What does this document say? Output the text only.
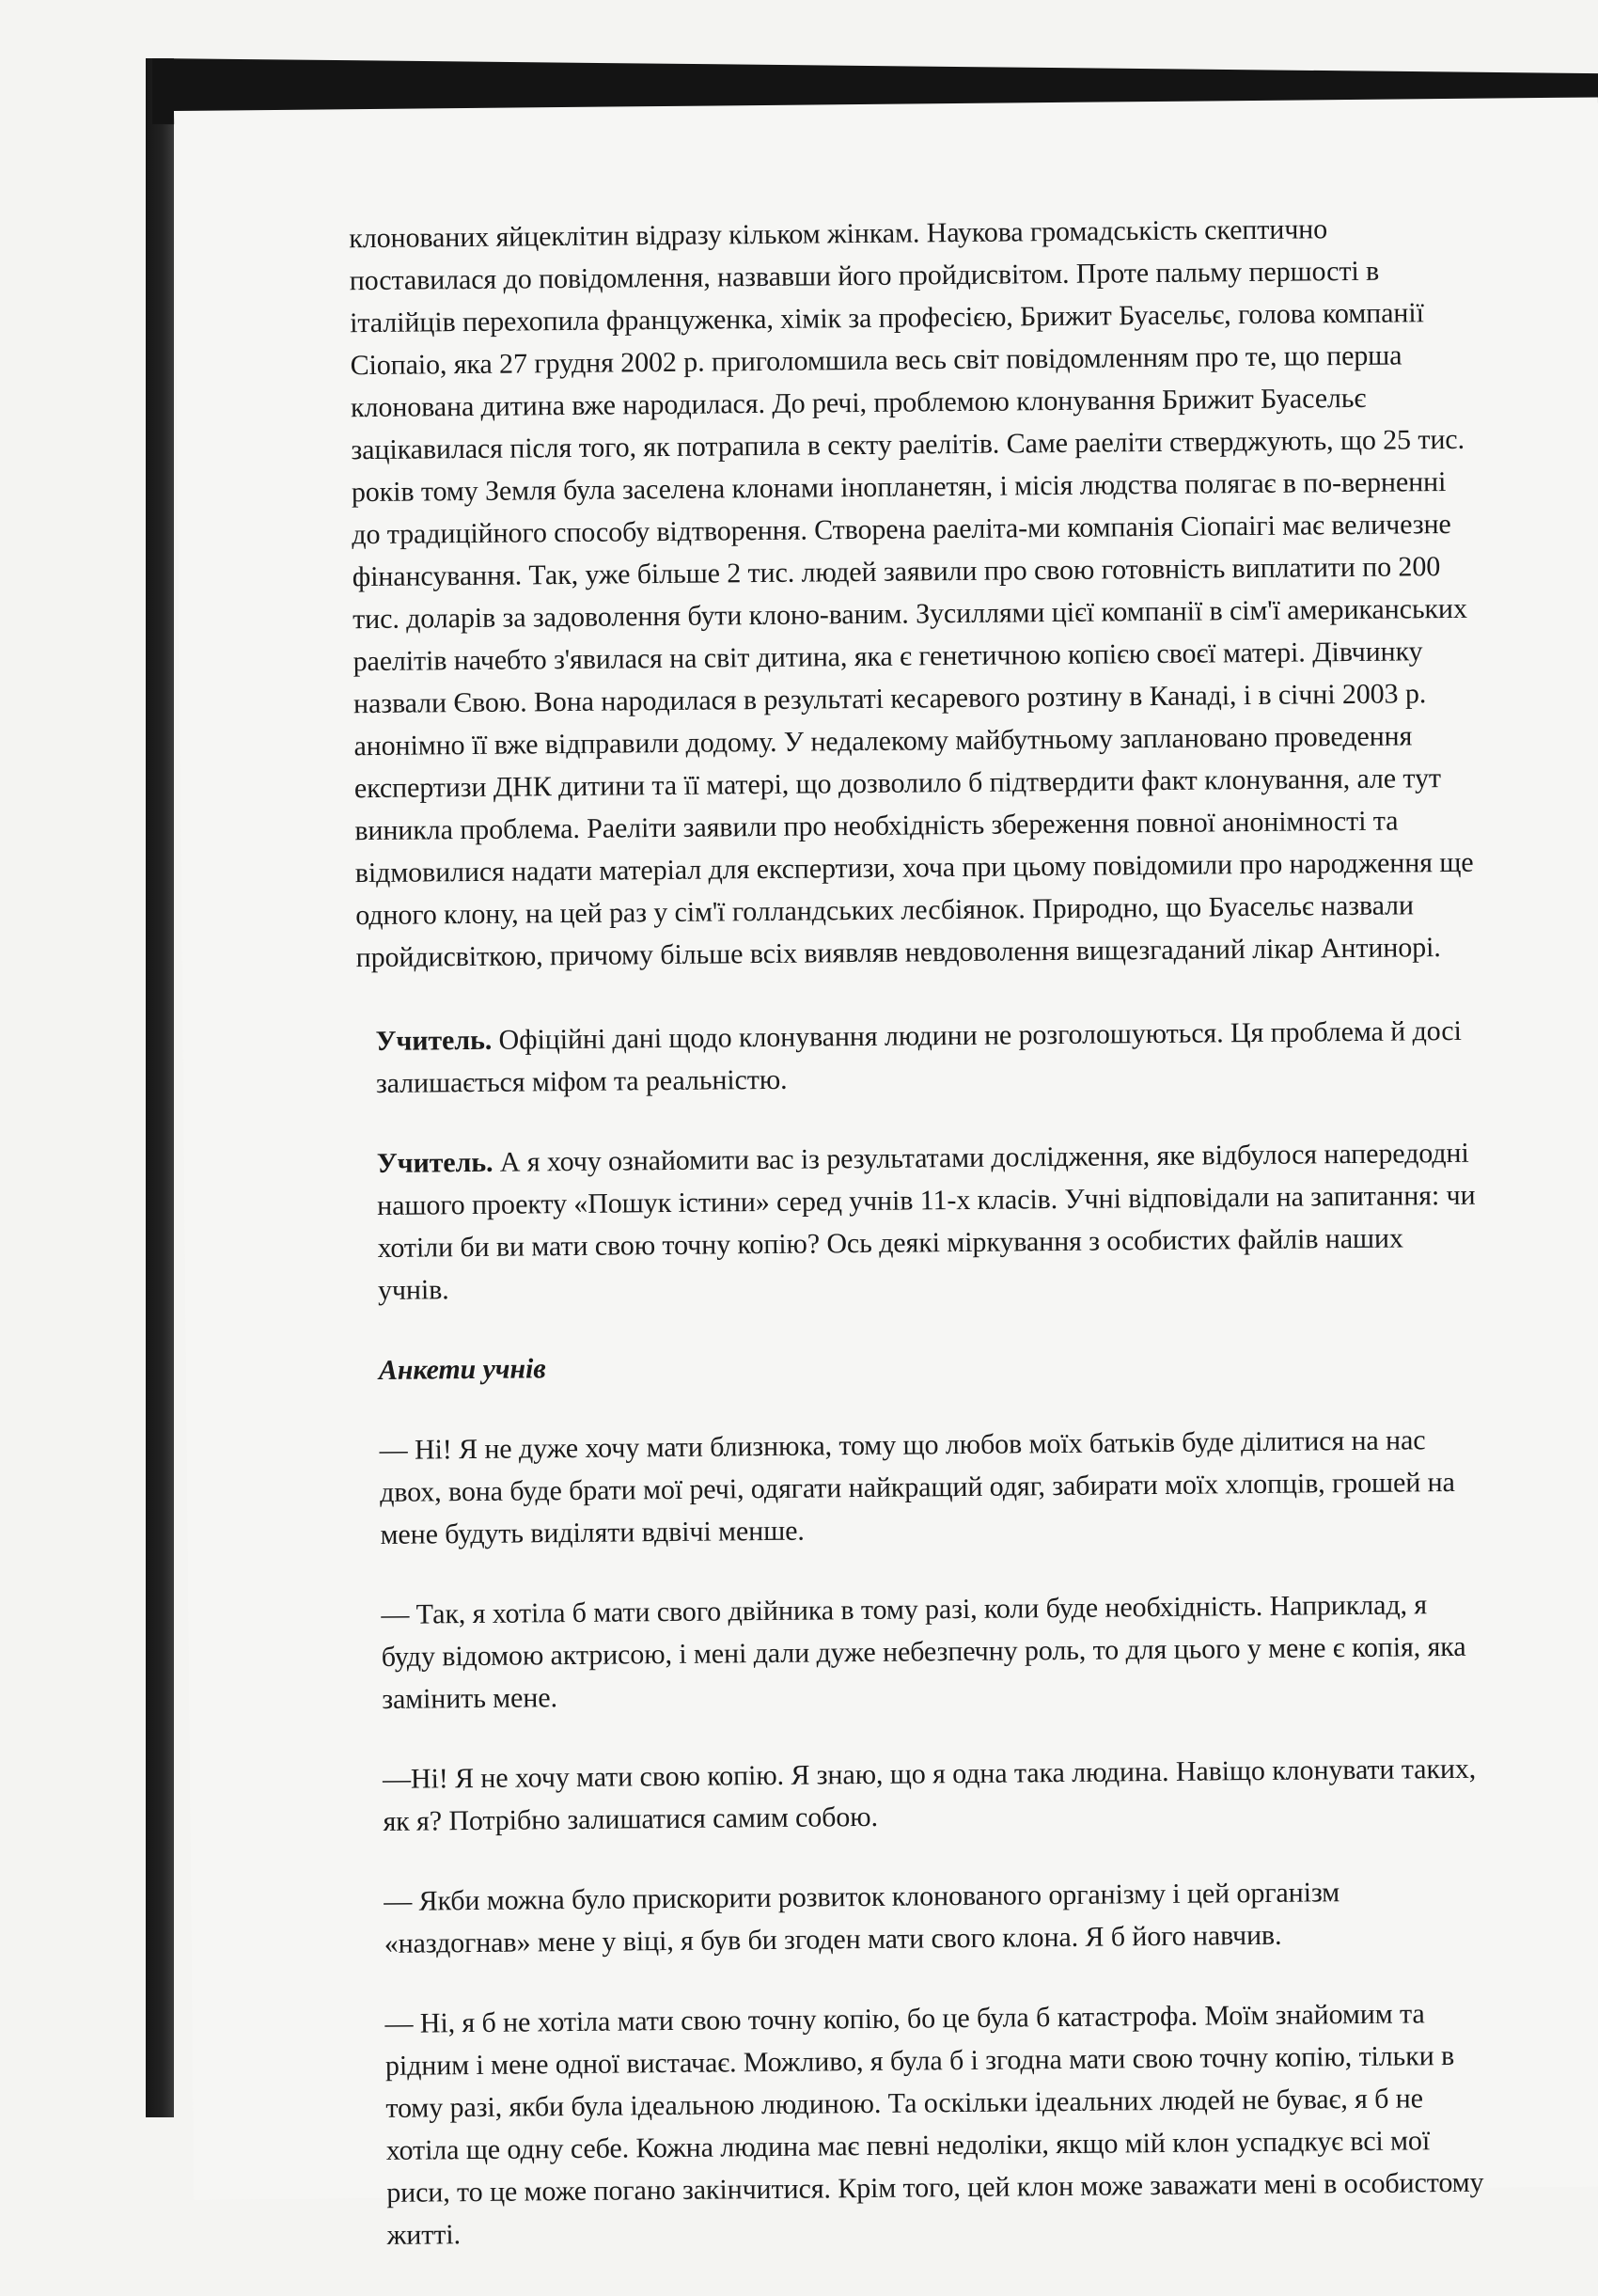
клонованих яйцеклітин відразу кільком жінкам. Наукова громадськість скептично поставилася до повідомлення, назвавши його пройдисвітом. Проте пальму першості в італійців перехопила француженка, хімік за професією, Брижит Буасельє, голова компанії Сіопаіо, яка 27 грудня 2002 р. приголомшила весь світ повідомленням про те, що перша клонована дитина вже народилася. До речі, проблемою клонування Брижит Буасельє зацікавилася після того, як потрапила в секту раелітів. Саме раеліти стверджують, що 25 тис. років тому Земля була заселена клонами інопланетян, і місія людства полягає в по-верненні до традиційного способу відтворення. Створена раеліта-ми компанія Сіопаігі має величезне фінансування. Так, уже більше 2 тис. людей заявили про свою готовність виплатити по 200 тис. доларів за задоволення бути клоно-ваним. Зусиллями цієї компанії в сім'ї американських раелітів начебто з'явилася на світ дитина, яка є генетичною копією своєї матері. Дівчинку назвали Євою. Вона народилася в результаті кесаревого розтину в Канаді, і в січні 2003 р. анонімно її вже відправили додому. У недалекому майбутньому заплановано проведення експертизи ДНК дитини та її матері, що дозволило б підтвердити факт клонування, але тут виникла проблема. Раеліти заявили про необхідність збереження повної анонімності та відмовилися надати матеріал для експертизи, хоча при цьому повідомили про народження ще одного клону, на цей раз у сім'ї голландських лесбіянок. Природно, що Буасельє назвали пройдисвіткою, причому більше всіх виявляв невдоволення вищезгаданий лікар Антинорі.

Учитель. Офіційні дані щодо клонування людини не розголошуються. Ця проблема й досі залишається міфом та реальністю.

Учитель. А я хочу ознайомити вас із результатами дослідження, яке відбулося напередодні нашого проекту «Пошук істини» серед учнів 11-х класів. Учні відповідали на запитання: чи хотіли би ви мати свою точну копію? Ось деякі міркування з особистих файлів наших учнів.

Анкети учнів

— Ні! Я не дуже хочу мати близнюка, тому що любов моїх батьків буде ділитися на нас двох, вона буде брати мої речі, одягати найкращий одяг, забирати моїх хлопців, грошей на мене будуть виділяти вдвічі менше.

— Так, я хотіла б мати свого двійника в тому разі, коли буде необхідність. Наприклад, я буду відомою актрисою, і мені дали дуже небезпечну роль, то для цього у мене є копія, яка замінить мене.

—Ні! Я не хочу мати свою копію. Я знаю, що я одна така людина. Навіщо клонувати таких, як я? Потрібно залишатися самим собою.

— Якби можна було прискорити розвиток клонованого організму і цей організм «наздогнав» мене у віці, я був би згоден мати свого клона. Я б його навчив.

— Ні, я б не хотіла мати свою точну копію, бо це була б катастрофа. Моїм знайомим та рідним і мене одної вистачає. Можливо, я була б і згодна мати свою точну копію, тільки в тому разі, якби була ідеальною людиною. Та оскільки ідеальних людей не буває, я б не хотіла ще одну себе. Кожна людина має певні недоліки, якщо мій клон успадкує всі мої риси, то це може погано закінчитися. Крім того, цей клон може заважати мені в особистому житті.
